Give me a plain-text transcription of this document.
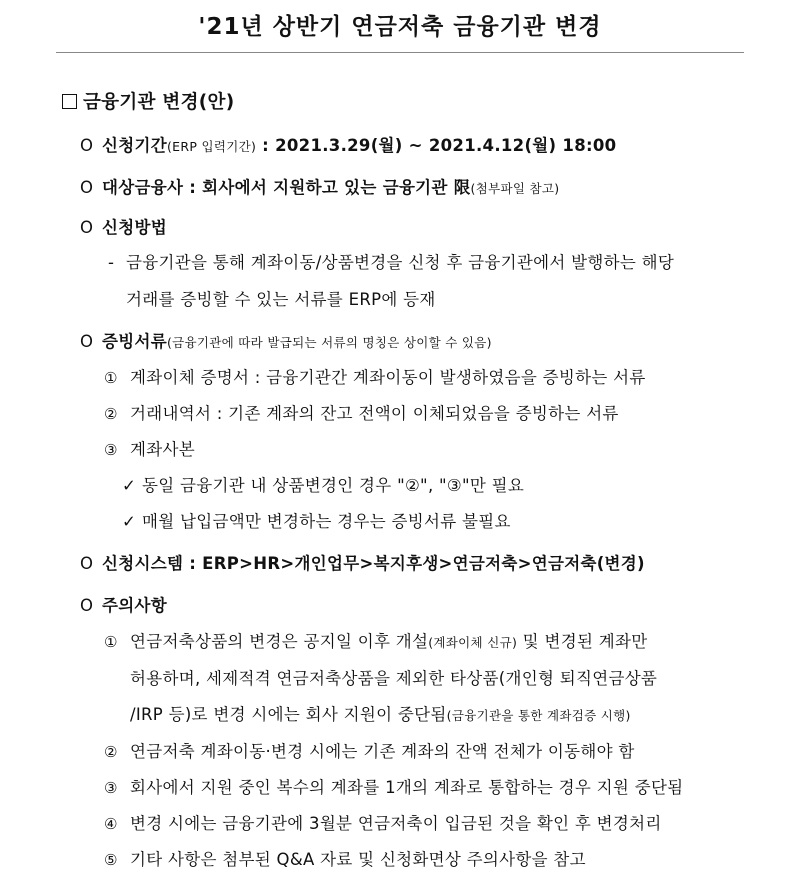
'21년 상반기 연금저축 금융기관 변경
금융기관 변경(안)
O 신청기간(ERP 입력기간) : 2021.3.29(월) ~ 2021.4.12(월) 18:00
O 대상금융사 : 회사에서 지원하고 있는 금융기관 限(첨부파일 참고)
O 신청방법
- 금융기관을 통해 계좌이동/상품변경을 신청 후 금융기관에서 발행하는 해당
거래를 증빙할 수 있는 서류를 ERP에 등재
O 증빙서류(금융기관에 따라 발급되는 서류의 명칭은 상이할 수 있음)
① 계좌이체 증명서 : 금융기관간 계좌이동이 발생하였음을 증빙하는 서류
② 거래내역서 : 기존 계좌의 잔고 전액이 이체되었음을 증빙하는 서류
③ 계좌사본
✓ 동일 금융기관 내 상품변경인 경우 "②", "③"만 필요
✓ 매월 납입금액만 변경하는 경우는 증빙서류 불필요
O 신청시스템 : ERP>HR>개인업무>복지후생>연금저축>연금저축(변경)
O 주의사항
① 연금저축상품의 변경은 공지일 이후 개설(계좌이체 신규) 및 변경된 계좌만
허용하며, 세제적격 연금저축상품을 제외한 타상품(개인형 퇴직연금상품
/IRP 등)로 변경 시에는 회사 지원이 중단됨(금융기관을 통한 계좌검증 시행)
② 연금저축 계좌이동·변경 시에는 기존 계좌의 잔액 전체가 이동해야 함
③ 회사에서 지원 중인 복수의 계좌를 1개의 계좌로 통합하는 경우 지원 중단됨
④ 변경 시에는 금융기관에 3월분 연금저축이 입금된 것을 확인 후 변경처리
⑤ 기타 사항은 첨부된 Q&A 자료 및 신청화면상 주의사항을 참고
